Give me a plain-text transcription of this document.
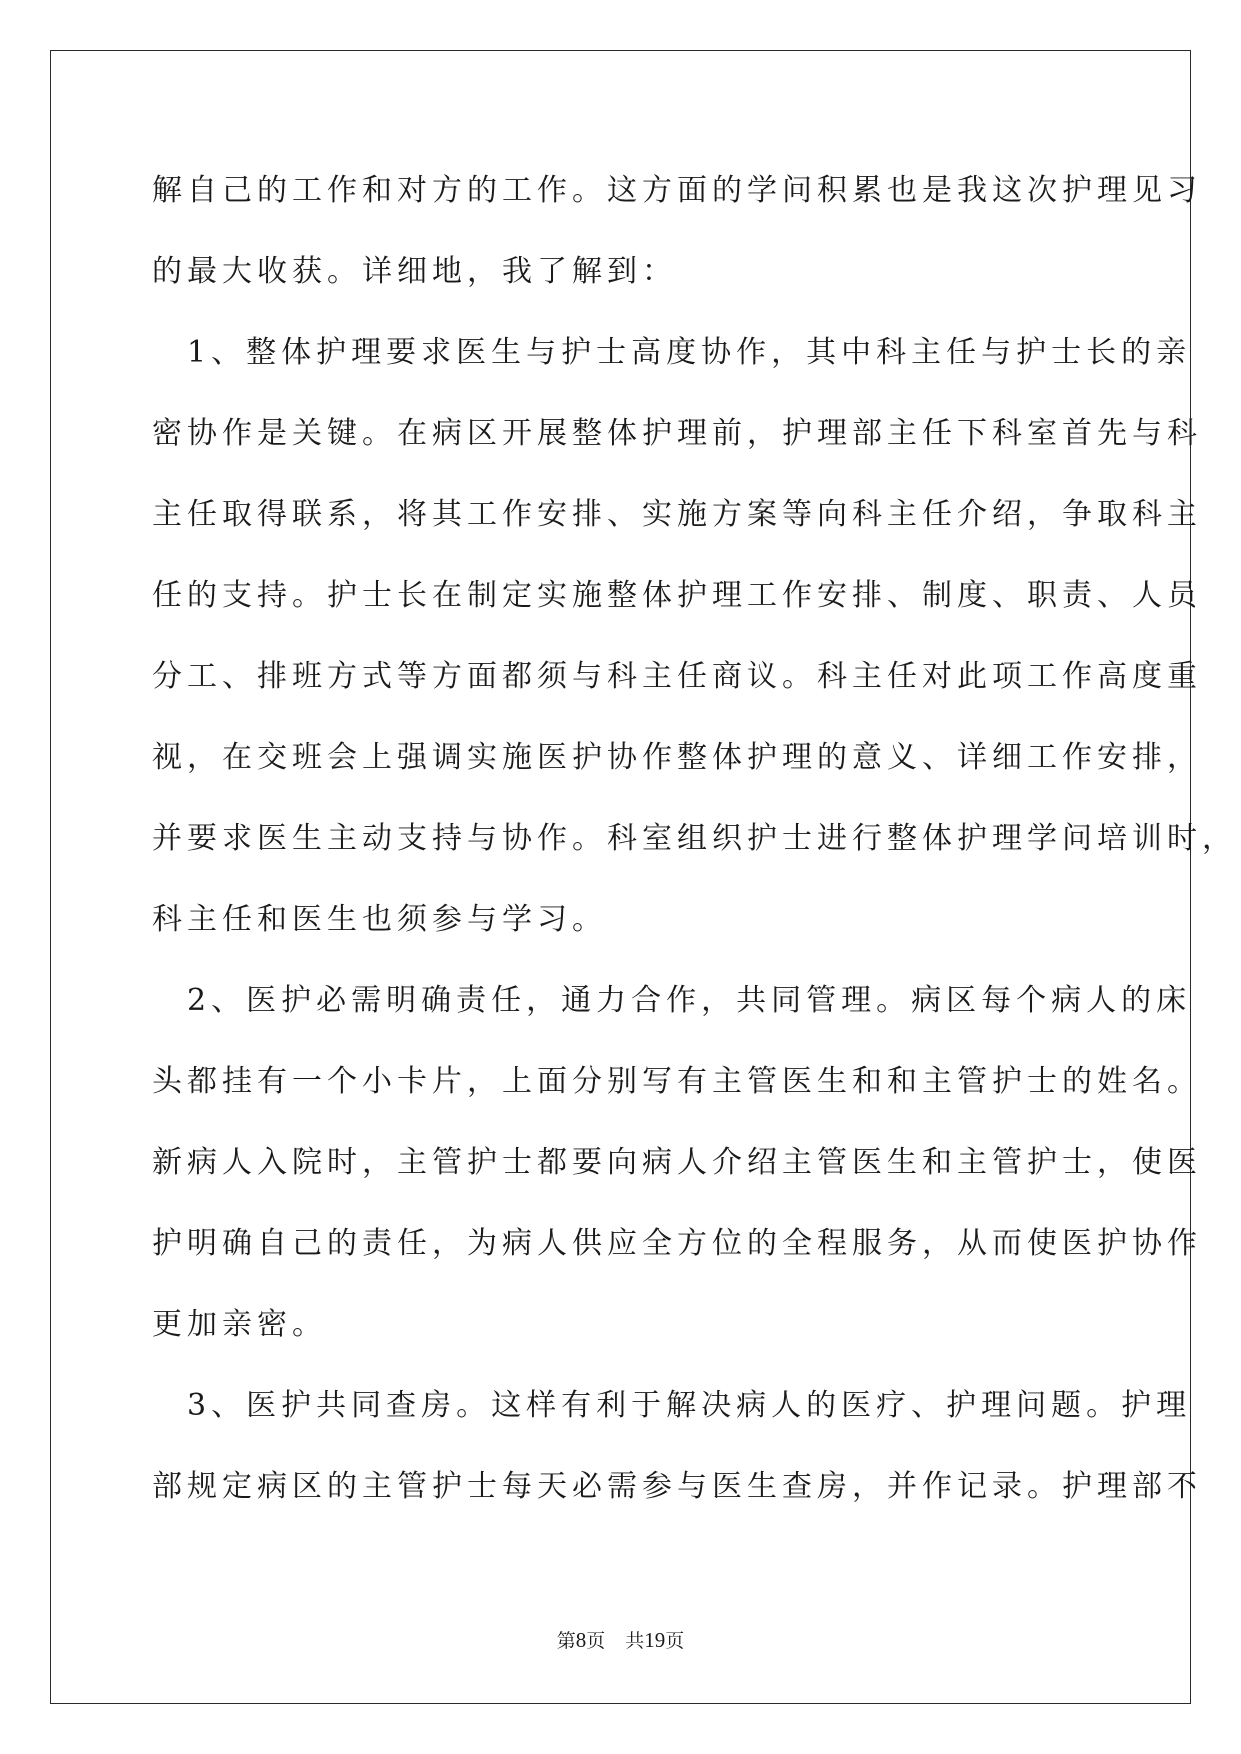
解自己的工作和对方的工作。这方面的学问积累也是我这次护理见习
的最大收获。详细地，我了解到：
　1、整体护理要求医生与护士高度协作，其中科主任与护士长的亲
密协作是关键。在病区开展整体护理前，护理部主任下科室首先与科
主任取得联系，将其工作安排、实施方案等向科主任介绍，争取科主
任的支持。护士长在制定实施整体护理工作安排、制度、职责、人员
分工、排班方式等方面都须与科主任商议。科主任对此项工作高度重
视，在交班会上强调实施医护协作整体护理的意义、详细工作安排，
并要求医生主动支持与协作。科室组织护士进行整体护理学问培训时，
科主任和医生也须参与学习。
　2、医护必需明确责任，通力合作，共同管理。病区每个病人的床
头都挂有一个小卡片，上面分别写有主管医生和和主管护士的姓名。
新病人入院时，主管护士都要向病人介绍主管医生和主管护士，使医
护明确自己的责任，为病人供应全方位的全程服务，从而使医护协作
更加亲密。
　3、医护共同查房。这样有利于解决病人的医疗、护理问题。护理
部规定病区的主管护士每天必需参与医生查房，并作记录。护理部不
第8页 共19页
